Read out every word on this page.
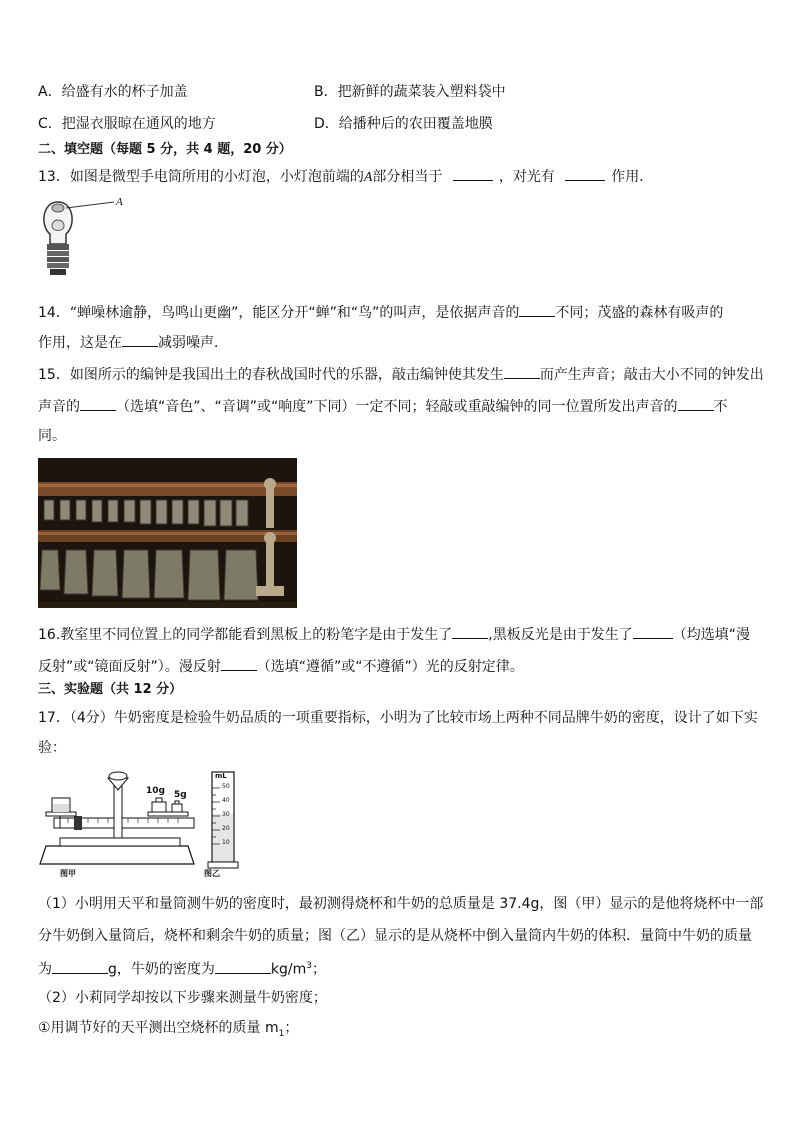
A．给盛有水的杯子加盖	B．把新鲜的蔬菜装入塑料袋中
C．把湿衣服晾在通风的地方	D．给播种后的农田覆盖地膜
二、填空题（每题 5 分，共 4 题，20 分）
13．如图是微型手电筒所用的小灯泡，小灯泡前端的A部分相当于	，对光有	作用．
A
14．“蝉噪林逾静，鸟鸣山更幽”，能区分开“蝉”和“鸟”的叫声，是依据声音的	不同；茂盛的森林有吸声的
作用，这是在	减弱噪声．
15．如图所示的编钟是我国出土的春秋战国时代的乐器，敲击编钟使其发生	而产生声音；敲击大小不同的钟发出
声音的	（选填“音色”、“音调”或“响度”下同）一定不同；轻敲或重敲编钟的同一位置所发出声音的	不
同。
16.教室里不同位置上的同学都能看到黑板上的粉笔字是由于发生了	,黑板反光是由于发生了	（均选填“漫
反射”或“镜面反射”）。漫反射	（选填“遵循”或“不遵循”）光的反射定律。
三、实验题（共 12 分）
17．（4分）牛奶密度是检验牛奶品质的一项重要指标，小明为了比较市场上两种不同品牌牛奶的密度，设计了如下实
验：
10g 5g
mL
50
40
30
20
10
图甲	图乙
（1）小明用天平和量筒测牛奶的密度时，最初测得烧杯和牛奶的总质量是 37.4g，图（甲）显示的是他将烧杯中一部
分牛奶倒入量筒后，烧杯和剩余牛奶的质量；图（乙）显示的是从烧杯中倒入量筒内牛奶的体积．量筒中牛奶的质量
为	g，牛奶的密度为	$kg/m^3$；
（2）小莉同学却按以下步骤来测量牛奶密度；
①用调节好的天平测出空烧杯的质量 $m_1$；
